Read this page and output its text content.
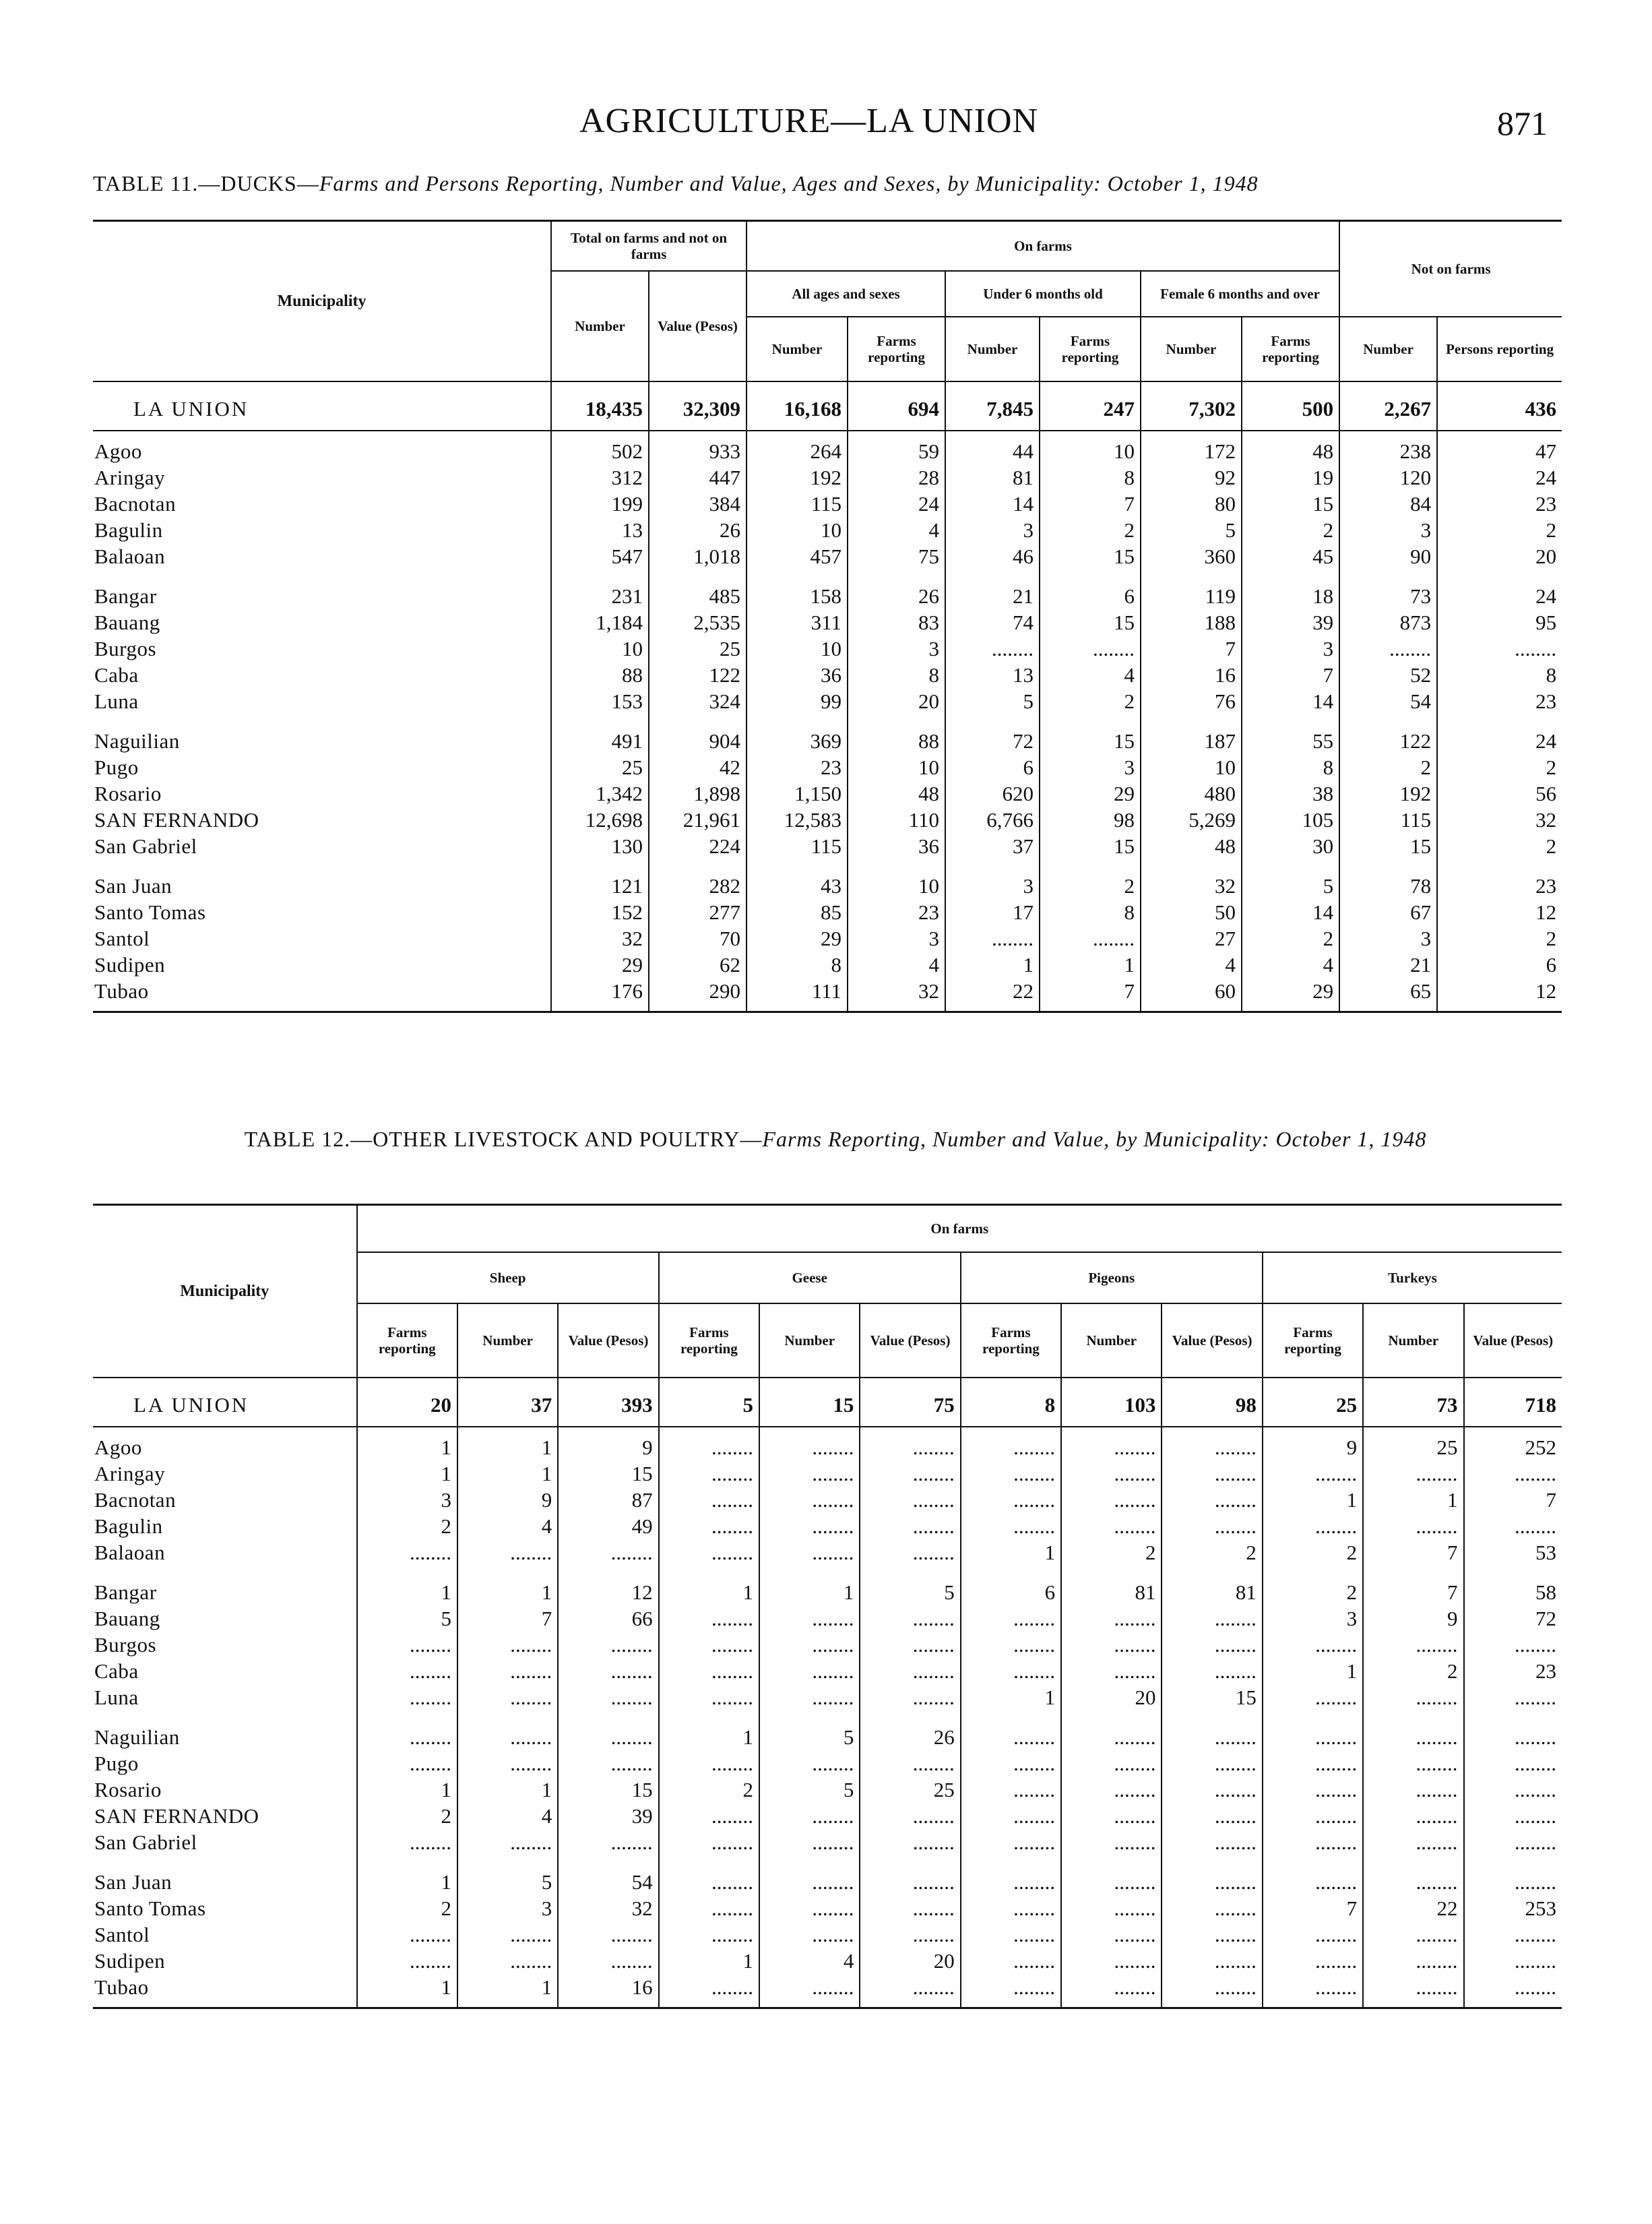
AGRICULTURE—LA UNION	871
TABLE 11.—DUCKS—Farms and Persons Reporting, Number and Value, Ages and Sexes, by Municipality: October 1, 1948
Municipality	Total on farms and not on farms		On farms						Not on farms	
	Number	Value (Pesos)	All ages and sexes		Under 6 months old		Female 6 months and over			
			Number	Farms reporting	Number	Farms reporting	Number	Farms reporting	Number	Persons reporting
LA UNION	18,435	32,309	16,168	694	7,845	247	7,302	500	2,267	436
Agoo	502	933	264	59	44	10	172	48	238	47
Aringay	312	447	192	28	81	8	92	19	120	24
Bacnotan	199	384	115	24	14	7	80	15	84	23
Bagulin	13	26	10	4	3	2	5	2	3	2
Balaoan	547	1,018	457	75	46	15	360	45	90	20
Bangar	231	485	158	26	21	6	119	18	73	24
Bauang	1,184	2,535	311	83	74	15	188	39	873	95
Burgos	10	25	10	3	........	........	7	3	........	........
Caba	88	122	36	8	13	4	16	7	52	8
Luna	153	324	99	20	5	2	76	14	54	23
Naguilian	491	904	369	88	72	15	187	55	122	24
Pugo	25	42	23	10	6	3	10	8	2	2
Rosario	1,342	1,898	1,150	48	620	29	480	38	192	56
SAN FERNANDO	12,698	21,961	12,583	110	6,766	98	5,269	105	115	32
San Gabriel	130	224	115	36	37	15	48	30	15	2
San Juan	121	282	43	10	3	2	32	5	78	23
Santo Tomas	152	277	85	23	17	8	50	14	67	12
Santol	32	70	29	3	........	........	27	2	3	2
Sudipen	29	62	8	4	1	1	4	4	21	6
Tubao	176	290	111	32	22	7	60	29	65	12
TABLE 12.—OTHER LIVESTOCK AND POULTRY—Farms Reporting, Number and Value, by Municipality: October 1, 1948
Municipality	On farms											
	Sheep			Geese			Pigeons			Turkeys		
	Farms reporting	Number	Value (Pesos)	Farms reporting	Number	Value (Pesos)	Farms reporting	Number	Value (Pesos)	Farms reporting	Number	Value (Pesos)
LA UNION	20	37	393	5	15	75	8	103	98	25	73	718
Agoo	1	1	9	........	........	........	........	........	........	9	25	252
Aringay	1	1	15	........	........	........	........	........	........	........	........	........
Bacnotan	3	9	87	........	........	........	........	........	........	1	1	7
Bagulin	2	4	49	........	........	........	........	........	........	........	........	........
Balaoan	........	........	........	........	........	........	1	2	2	2	7	53
Bangar	1	1	12	1	1	5	6	81	81	2	7	58
Bauang	5	7	66	........	........	........	........	........	........	3	9	72
Burgos	........	........	........	........	........	........	........	........	........	........	........	........
Caba	........	........	........	........	........	........	........	........	........	1	2	23
Luna	........	........	........	........	........	........	1	20	15	........	........	........
Naguilian	........	........	........	1	5	26	........	........	........	........	........	........
Pugo	........	........	........	........	........	........	........	........	........	........	........	........
Rosario	1	1	15	2	5	25	........	........	........	........	........	........
SAN FERNANDO	2	4	39	........	........	........	........	........	........	........	........	........
San Gabriel	........	........	........	........	........	........	........	........	........	........	........	........
San Juan	1	5	54	........	........	........	........	........	........	........	........	........
Santo Tomas	2	3	32	........	........	........	........	........	........	7	22	253
Santol	........	........	........	........	........	........	........	........	........	........	........	........
Sudipen	........	........	........	1	4	20	........	........	........	........	........	........
Tubao	1	1	16	........	........	........	........	........	........	........	........	........
